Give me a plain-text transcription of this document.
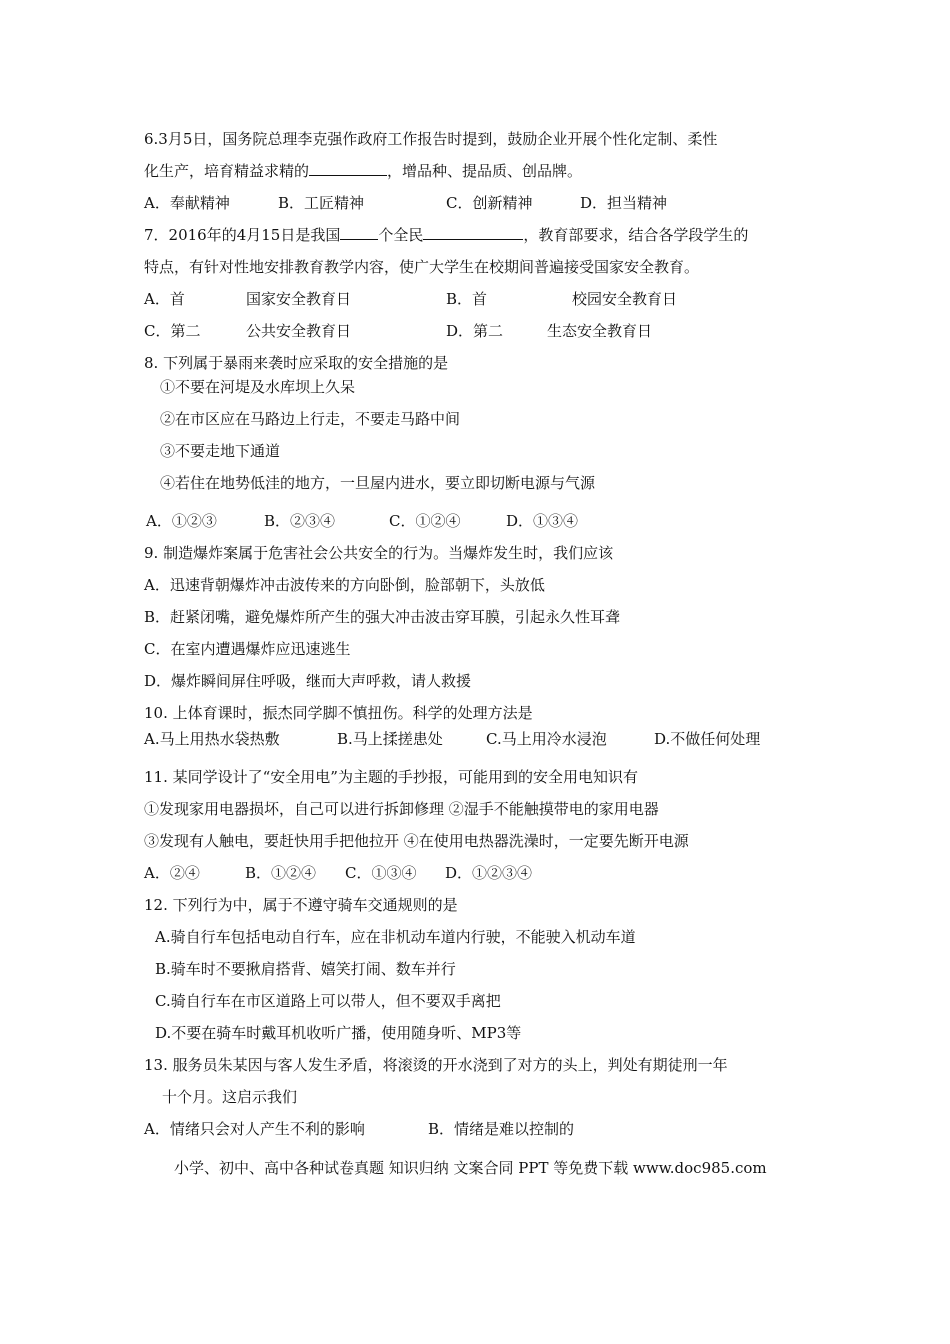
6.3月5日，国务院总理李克强作政府工作报告时提到，鼓励企业开展个性化定制、柔性
化生产，培育精益求精的	，增品种、提品质、创品牌。
A．奉献精神	B．工匠精神	C．创新精神	D．担当精神
7．2016年的4月15日是我国	个全民	，教育部要求，结合各学段学生的
特点，有针对性地安排教育教学内容，使广大学生在校期间普遍接受国家安全教育。
A．首	国家安全教育日	B．首	校园安全教育日
C．第二	公共安全教育日	D．第二	生态安全教育日
8. 下列属于暴雨来袭时应采取的安全措施的是
①不要在河堤及水库坝上久呆
②在市区应在马路边上行走，不要走马路中间
③不要走地下通道
④若住在地势低洼的地方，一旦屋内进水，要立即切断电源与气源
A．①②③	B．②③④	C．①②④	D．①③④
9. 制造爆炸案属于危害社会公共安全的行为。当爆炸发生时，我们应该
A．迅速背朝爆炸冲击波传来的方向卧倒，脸部朝下，头放低
B．赶紧闭嘴，避免爆炸所产生的强大冲击波击穿耳膜，引起永久性耳聋
C．在室内遭遇爆炸应迅速逃生
D．爆炸瞬间屏住呼吸，继而大声呼救，请人救援
10. 上体育课时，振杰同学脚不慎扭伤。科学的处理方法是
A.马上用热水袋热敷	B.马上揉搓患处	C.马上用冷水浸泡	D.不做任何处理
11. 某同学设计了“安全用电”为主题的手抄报，可能用到的安全用电知识有
①发现家用电器损坏，自己可以进行拆卸修理 ②湿手不能触摸带电的家用电器
③发现有人触电，要赶快用手把他拉开 ④在使用电热器洗澡时，一定要先断开电源
A．②④	B．①②④ C．①③④ D．①②③④
12. 下列行为中，属于不遵守骑车交通规则的是
A.骑自行车包括电动自行车，应在非机动车道内行驶，不能驶入机动车道
B.骑车时不要揪肩搭背、嬉笑打闹、数车并行
C.骑自行车在市区道路上可以带人，但不要双手离把
D.不要在骑车时戴耳机收听广播，使用随身听、MP3等
13. 服务员朱某因与客人发生矛盾，将滚烫的开水浇到了对方的头上，判处有期徒刑一年
十个月。这启示我们
A．情绪只会对人产生不利的影响	B．情绪是难以控制的
小学、初中、高中各种试卷真题 知识归纳 文案合同 PPT 等免费下载 www.doc985.com
